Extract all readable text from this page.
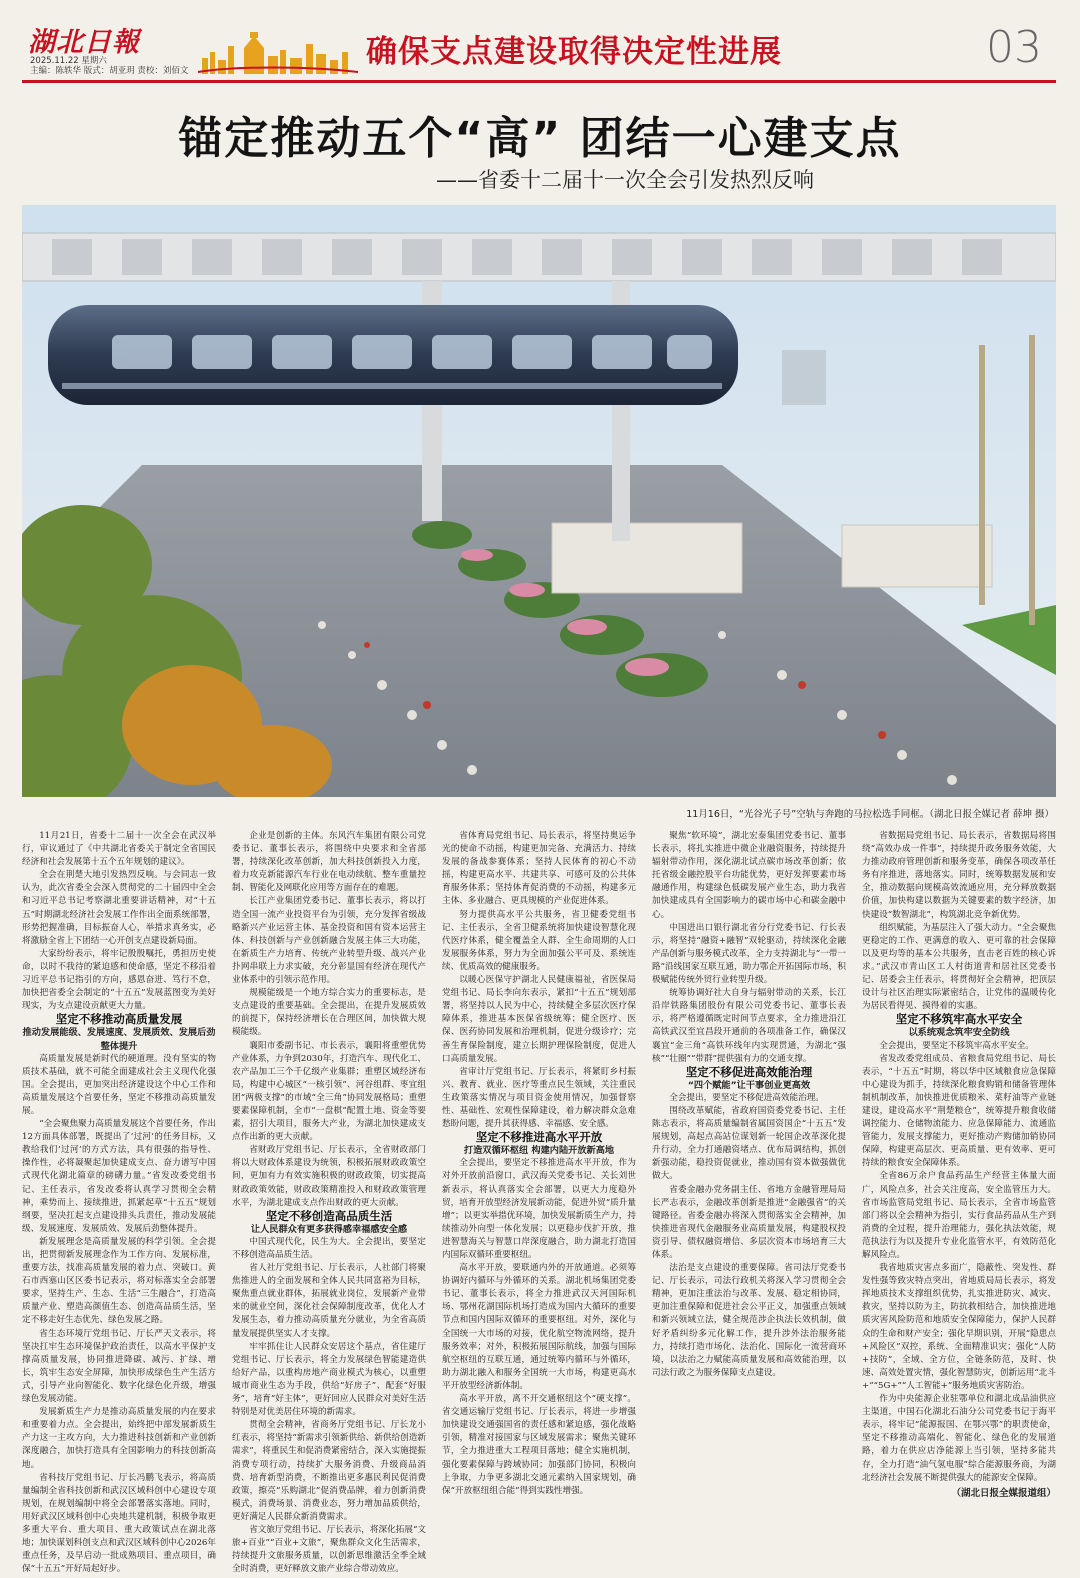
湖北日報
2025.11.22 星期六
主编：陈轶华 版式：胡亚玥 责校：刘佰文
确保支点建设取得决定性进展	03
锚定推动五个“高” 团结一心建支点
——省委十二届十一次全会引发热烈反响
11月16日，“光谷光子号”空轨与奔跑的马拉松选手同框。（湖北日报全媒记者 薛坤 摄）

11月21日，省委十二届十一次全会在武汉举行，审议通过了《中共湖北省委关于制定全省国民经济和社会发展第十五个五年规划的建议》。

全会在荆楚大地引发热烈反响。与会同志一致认为，此次省委全会深入贯彻党的二十届四中全会和习近平总书记考察湖北重要讲话精神，对“十五五”时期湖北经济社会发展工作作出全面系统部署，形势把握准确，目标振奋人心，举措求真务实，必将激励全省上下团结一心开创支点建设新局面。

大家纷纷表示，将牢记殷殷嘱托，勇担历史使命，以时不我待的紧迫感和使命感，坚定不移沿着习近平总书记指引的方向，感恩奋进、笃行不怠，加快把省委全会制定的“十五五”发展蓝图变为美好现实，为支点建设贡献更大力量。

坚定不移推动高质量发展

推动发展能级、发展速度、发展质效、发展后劲整体提升

高质量发展是新时代的硬道理。没有坚实的物质技术基础，就不可能全面建成社会主义现代化强国。全会提出，更加突出经济建设这个中心工作和高质量发展这个首要任务，坚定不移推动高质量发展。

“全会聚焦聚力高质量发展这个首要任务，作出12方面具体部署，既提出了‘过河’的任务目标，又教给我们‘过河’的方式方法，具有很强的指导性、操作性，必将凝聚起加快建成支点、奋力谱写中国式现代化湖北篇章的磅礴力量。”省发改委党组书记、主任表示，省发改委将认真学习贯彻全会精神，乘势而上、接续推进，抓紧起草“十五五”规划纲要，坚决扛起支点建设排头兵责任，推动发展能级、发展速度、发展质效、发展后劲整体提升。

新发展理念是高质量发展的科学引领。全会提出，把贯彻新发展理念作为工作方向、发展标准，重要方法，找准高质量发展的着力点、突破口。黄石市西塞山区区委书记表示，将对标落实全会部署要求，坚持生产、生态、生活“三生融合”，打造高质量产业、塑造高颜值生态、创造高品质生活，坚定不移走好生态优先、绿色发展之路。

省生态环境厅党组书记、厅长严天文表示，将坚决扛牢生态环境保护政治责任，以高水平保护支撑高质量发展，协同推进降碳、减污、扩绿、增长，筑牢生态安全屏障，加快形成绿色生产生活方式，引导产业向智能化、数字化绿色化升级，增强绿色发展动能。

发展新质生产力是推动高质量发展的内在要求和重要着力点。全会提出，始终把中部发展新质生产力这一主攻方向，大力推进科技创新和产业创新深度融合，加快打造具有全国影响力的科技创新高地。

省科技厅党组书记、厅长冯鹏飞表示，将高质量编制全省科技创新和武汉区域科创中心建设专项规划，在规划编制中将全会部署落实落地。同时，用好武汉区域科创中心央地共建机制，积极争取更多重大平台、重大项目、重大政策试点在湖北落地；加快谋划科创支点和武汉区域科创中心2026年重点任务，及早启动一批成熟项目、重点项目，确保“十五五”开好局起好步。

企业是创新的主体。东风汽车集团有限公司党委书记、董事长表示，将围绕中央要求和全省部署，持续深化改革创新，加大科技创新投入力度，着力攻克新能源汽车行业在电动续航、整车重量控制、智能化及网联化应用等方面存在的难题。

长江产业集团党委书记、董事长表示，将以打造全国一流产业投资平台为引领，充分发挥省级战略新兴产业运营主体、基金投资和国有资本运营主体、科技创新与产业创新融合发展主体三大功能，在新质生产力培育、传统产业转型升级、战兴产业扑网串联上力求实破，充分彰显国有经济在现代产业体系中的引领示范作用。

规模能级是一个地方综合实力的重要标志，是支点建设的重要基础。全会提出，在提升发展质效的前提下，保持经济增长在合理区间，加快做大规模能级。

襄阳市委副书记、市长表示，襄阳将重塑优势产业体系，力争到2030年，打造汽车、现代化工、农产品加工三个千亿级产业集群；重塑区域经济布局，构建中心城区“一核引领”、河谷组群、枣宜组团“两极支撑”的市域“全三角”协同发展格局；重塑要素保障机制，全市“一盘棋”配置土地、资金等要素，招引大项目，服务大产业，为湖北加快建成支点作出新的更大贡献。

省财政厅党组书记、厅长表示，全省财政部门将以大财政体系建设为统领，积极拓展财政政策空间，更加有力有效实施积极的财政政策，切实提高财政政策效能，财政政策精准投入和财政政策管理水平，为湖北建成支点作出财政的更大贡献。

坚定不移创造高品质生活

让人民群众有更多获得感幸福感安全感

中国式现代化，民生为大。全会提出，要坚定不移创造高品质生活。

省人社厅党组书记、厅长表示，人社部门将聚焦推进人的全面发展和全体人民共同富裕为目标，聚焦重点就业群体，拓展就业岗位，发展新产业带来的就业空间，深化社会保障制度改革，优化人才发展生态，着力推动高质量充分就业，为全省高质量发展提供坚实人才支撑。

牢牢抓住让人民群众安居这个基点，省住建厅党组书记、厅长表示，将全力发展绿色智能建造供给好产品，以重构房地产商业模式为核心，以重塑城市商业生态为手段，供给“好房子”、配套“好服务”，培育“好主体”，更好回应人民群众对美好生活特别是对优美居住环境的新需求。

贯彻全会精神，省商务厅党组书记、厅长龙小红表示，将坚持“新需求引领新供给、新供给创造新需求”，将重民生和促消费紧密结合，深入实施提振消费专项行动，持续扩大服务消费、升级商品消费、培育新型消费，不断推出更多惠民利民促消费政策，擦亮“乐购湖北”促消费品牌，着力创新消费模式，消费场景、消费业态，努力增加品质供给，更好满足人民群众新消费需求。

省文旅厅党组书记、厅长表示，将深化拓展“文旅+百业”“百业+文旅”，聚焦群众文化生活需求，持续提升文旅服务质量，以创新思维激活全季全域全时消费，更好释放文旅产业综合带动效应。

省体育局党组书记、局长表示，将坚持奥运争光的使命不动摇，构建更加完备、充满活力、持续发展的备战参赛体系；坚持人民体育的初心不动摇，构建更高水平、共建共享、可感可及的公共体育服务体系；坚持体育促消费的不动摇，构建多元主体、多业融合、更具规模的产业促进体系。

努力提供高水平公共服务，省卫健委党组书记、主任表示，全省卫健系统将加快建设智慧化现代医疗体系，健全覆盖全人群、全生命周期的人口发展服务体系，努力为全面加强公平可及、系统连续、优质高效的健康服务。

以暖心医保守护湖北人民健康福祉，省医保局党组书记、局长李向东表示，紧扣“十五五”规划部署，将坚持以人民为中心，持续健全多层次医疗保障体系，推进基本医保省级统筹；健全医疗、医保、医药协同发展和治理机制，促进分级诊疗；完善生育保险制度，建立长期护理保险制度，促进人口高质量发展。

省审计厅党组书记、厅长表示，将紧盯乡村振兴、教育、就业、医疗等重点民生领域，关注重民生政策落实情况与项目资金使用情况，加强督察性、基础性、宏观性保障建设，着力解决群众急难愁盼问题，提升其获得感、幸福感、安全感。

坚定不移推进高水平开放

打造双循环枢纽 构建内陆开放新高地

全会提出，要坚定不移推进高水平开放，作为对外开放前沿窗口，武汉海关党委书记、关长刘世新表示，将认真落实全会部署，以更大力度稳外贸，培育开放型经济发展新动能，促进外贸“质升量增”；以更实举措优环境，加快发展新质生产力，持续推动外向型一体化发展；以更稳步伐扩开放，推进智慧海关与智慧口岸深度融合，助力湖北打造国内国际双循环重要枢纽。

高水平开放，要联通内外的开放通道。必须筹协调好内循环与外循环的关系。湖北机场集团党委书记、董事长表示，将全力推进武汉天河国际机场、鄂州花湖国际机场打造成为国内大循环的重要节点和国内国际双循环的重要枢纽。对外，深化与全国统一大市场的对接，优化航空物流网络，提升服务效率；对外，积极拓展国际航线，加强与国际航空枢纽的互联互通，通过统筹内循环与外循环，助力湖北融入和服务全国统一大市场，构建更高水平开放型经济新体制。

高水平开放，离不开交通枢纽这个“硬支撑”。省交通运输厅党组书记、厅长表示，将进一步增强加快建设交通强国省的责任感和紧迫感，强化战略引领，精准对接国家与区域发展需求；聚焦关键环节，全力推进重大工程项目落地；健全实施机制，强化要素保障与跨域协同；加强部门协同，积极向上争取，力争更多湖北交通元素纳入国家规划，确保“开放枢纽组合能”得到实践性增强。

聚焦“软环境”，湖北宏泰集团党委书记、董事长表示，将扎实推进中微企业融资服务，持续提升辐射带动作用，深化湖北试点碳市场改革创新；依托省级金融控股平台功能优势，更好发挥要素市场融通作用，构建绿色低碳发展产业生态，助力我省加快建成具有全国影响力的碳市场中心和碳金融中心。

中国进出口银行湖北省分行党委书记、行长表示，将坚持“融资+融智”双轮驱动，持续深化金融产品创新与服务模式改革，全力支持湖北与“一带一路”沿线国家互联互通，助力鄂企开拓国际市场，积极赋能传统外贸行业转型升级。

统筹协调好社大自身与辐射带动的关系，长江沿岸铁路集团股份有限公司党委书记、董事长表示，将严格遵循既定时间节点要求，全力推进沿江高铁武汉至宜昌段开通前的各项准备工作，确保汉襄宜“金三角”高铁环线年内实现贯通，为湖北“强核”“壮圈”“带群”提供强有力的交通支撑。

坚定不移促进高效能治理

“四个赋能”让干事创业更高效

全会提出，要坚定不移促进高效能治理。

围绕改革赋能，省政府国资委党委书记、主任陈志表示，将高质量编制省属国资国企“十五五”发展规划，高起点高站位谋划新一轮国企改革深化提升行动，全力打通融资堵点、优布局调结构，抓创新强动能，稳投资促就业，推动国有资本做强做优做大。

省委金融办党务副主任、省地方金融管理局局长严志表示，金融改革创新是推进“金融强省”的关键路径。省委金融办将深入贯彻落实全会精神，加快推进省现代金融服务业高质量发展，构建股权投资引导、债权融资增信、多层次资本市场培育三大体系。

法治是支点建设的重要保障。省司法厅党委书记、厅长表示，司法行政机关将深入学习贯彻全会精神，更加注重法治与改革、发展、稳定相协同，更加注重保障和促进社会公平正义，加强重点领域和新兴领域立法，健全规范涉企执法长效机制，做好矛盾纠纷多元化解工作，提升涉外法治服务能力，持续打造市场化、法治化、国际化一流营商环境，以法治之力赋能高质量发展和高效能治理，以司法行政之为服务保障支点建设。

省数据局党组书记、局长表示，省数据局将围绕“高效办成一件事”，持续提升政务服务效能，大力推动政府管理创新和服务变革，确保各项改革任务有序推进，落地落实。同时，统筹数据发展和安全，推动数据向规模高效流通应用，充分释放数据价值，加快构建以数据为关键要素的数字经济，加快建设“数智湖北”，构筑湖北竞争新优势。

组织赋能，为基层注入了强大动力。“全会聚焦更稳定的工作、更满意的收入、更可靠的社会保障以及更均等的基本公共服务，直击老百姓的核心诉求。”武汉市青山区工人村街道青和居社区党委书记、居委会主任表示，将贯彻好全会精神，把顶层设计与社区治理实际紧密结合，让党伟的温暖传化为居民看得见、摸得着的实惠。

坚定不移筑牢高水平安全

以系统观念筑牢安全防线

全会提出，要坚定不移筑牢高水平安全。

省发改委党组成员、省粮食局党组书记、局长表示，“十五五”时期，将以华中区域粮食应急保障中心建设为抓手，持续深化粮食购销和储备管理体制机制改革，加快推进优质粮米、菜籽油等产业链建设，建设高水平“荆楚粮仓”，统筹提升粮食收储调控能力、仓储物流能力、应急保障能力、流通监管能力，发展支撑能力，更好推动产购储加销协同保障，构建更高层次、更高质量、更有效率、更可持续的粮食安全保障体系。

全省86万余户食品药品生产经营主体量大面广，风险点多，社会关注度高，安全监管压力大。省市场监管局党组书记、局长表示，全省市场监管部门将以全会精神为指引，实行食品药品从生产到消费的全过程，提升治理能力，强化执法效能，规范执法行为以及提升专业化监管水平，有效防范化解风险点。

我省地质灾害点多面广，隐蔽性、突发性、群发性强等致灾特点突出，省地质局局长表示，将发挥地质技术支撑组织优势，扎实推进防灾、减灾、救灾，坚持以防为主，防抗救相结合，加快推进地质灾害风险防范和地质安全保障能力，保护人民群众的生命和财产安全；强化早期识别，开展“隐患点+风险区”双控，系统、全面精准识灾；强化“人防+技防”，全域、全方位，全链条防范，及时、快速、高效处置灾情，强化智慧防灾，创新运用“北斗+”“5G+”“人工智能+”服务地质灾害防治。

作为中央能源企业驻鄂单位和湖北成品油供应主渠道，中国石化湖北石油分公司党委书记于海平表示，将牢记“能源报国、在鄂兴鄂”的职责使命，坚定不移推动高端化、智能化、绿色化的发展道路，着力在供应店净能源上当引领，坚持多能共存，全力打造“油气氢电服”综合能源服务商，为湖北经济社会发展不断提供强大的能源安全保障。

（湖北日报全媒报道组）
